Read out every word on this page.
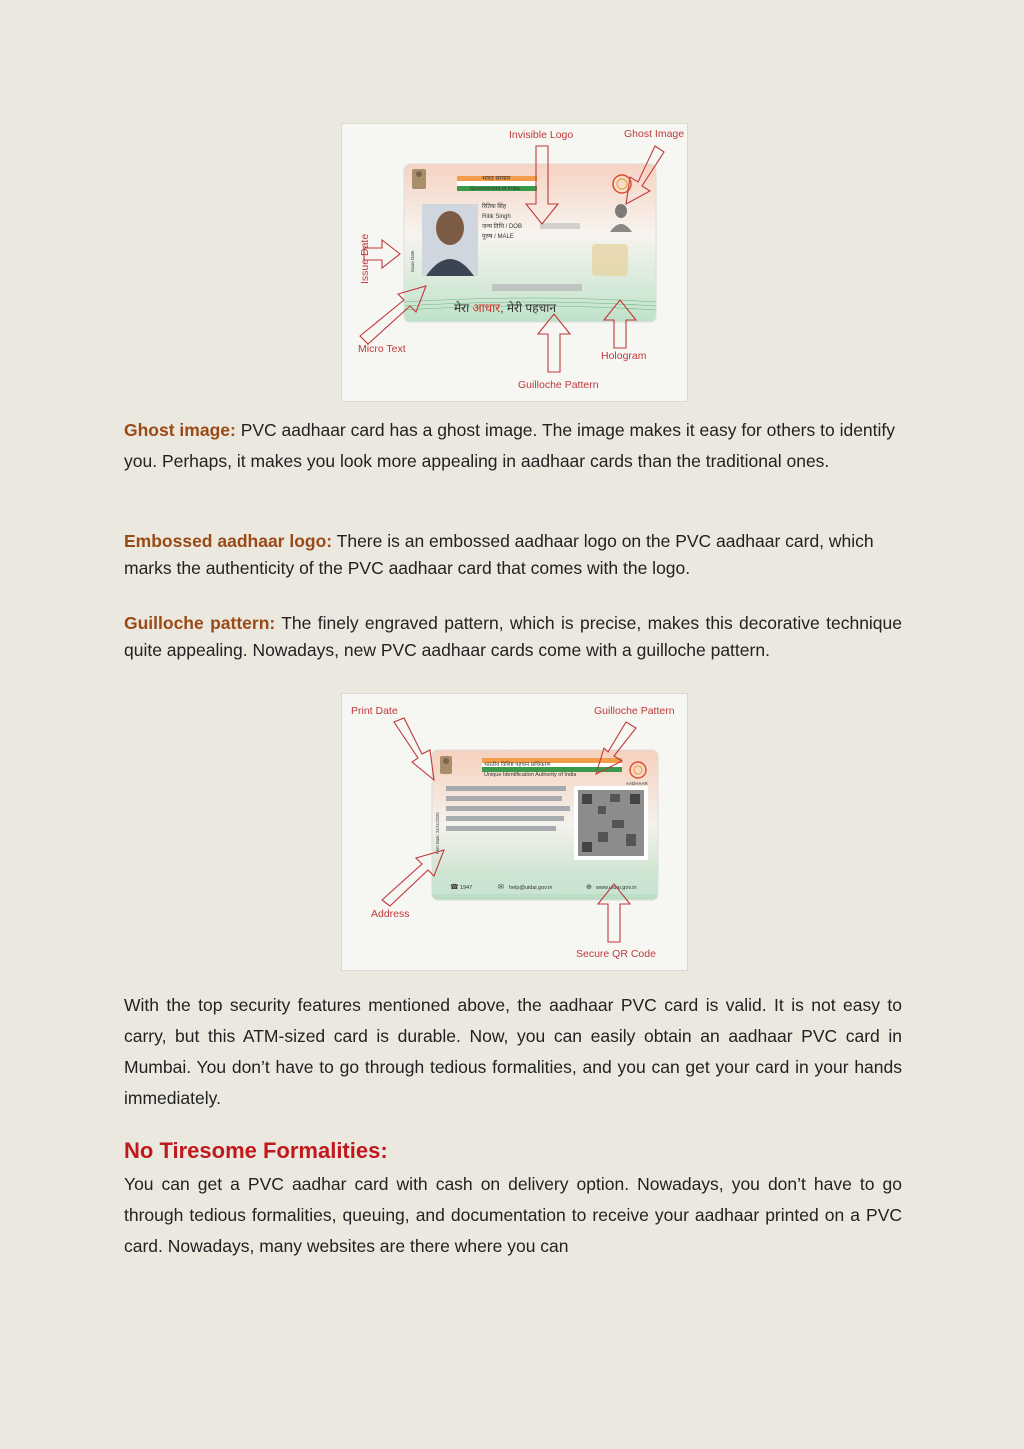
भारत सरकार
Government of India
Issue Date
रितिक सिंह
Ritik Singh
जन्म तिथि / DOB
पुरुष / MALE
मेरा आधार, मेरी पहचान
Invisible Logo	Ghost Image
Issue Date
Micro Text
Hologram
Guilloche Pattern
Ghost image: PVC aadhaar card has a ghost image. The image makes it easy for others to identify you. Perhaps, it makes you look more appealing in aadhaar cards than the traditional ones.
Embossed aadhaar logo: There is an embossed aadhaar logo on the PVC aadhaar card, which marks the authenticity of the PVC aadhaar card that comes with the logo.
Guilloche pattern: The finely engraved pattern, which is precise, makes this decorative technique quite appealing. Nowadays, new PVC aadhaar cards come with a guilloche pattern.
भारतीय विशिष्ट पहचान प्राधिकरण
Unique Identification Authority of India
AADHAAR
Print Date: 24/11/2020
☎ 1947	✉ help@uidai.gov.in	⊕ www.uidai.gov.in
Print Date	Guilloche Pattern
Address
Secure QR Code
With the top security features mentioned above, the aadhaar PVC card is valid. It is not easy to carry, but this ATM-sized card is durable. Now, you can easily obtain an aadhaar PVC card in Mumbai. You don’t have to go through tedious formalities, and you can get your card in your hands immediately.
No Tiresome Formalities:
You can get a PVC aadhar card with cash on delivery option. Nowadays, you don’t have to go through tedious formalities, queuing, and documentation to receive your aadhaar printed on a PVC card. Nowadays, many websites are there where you can
